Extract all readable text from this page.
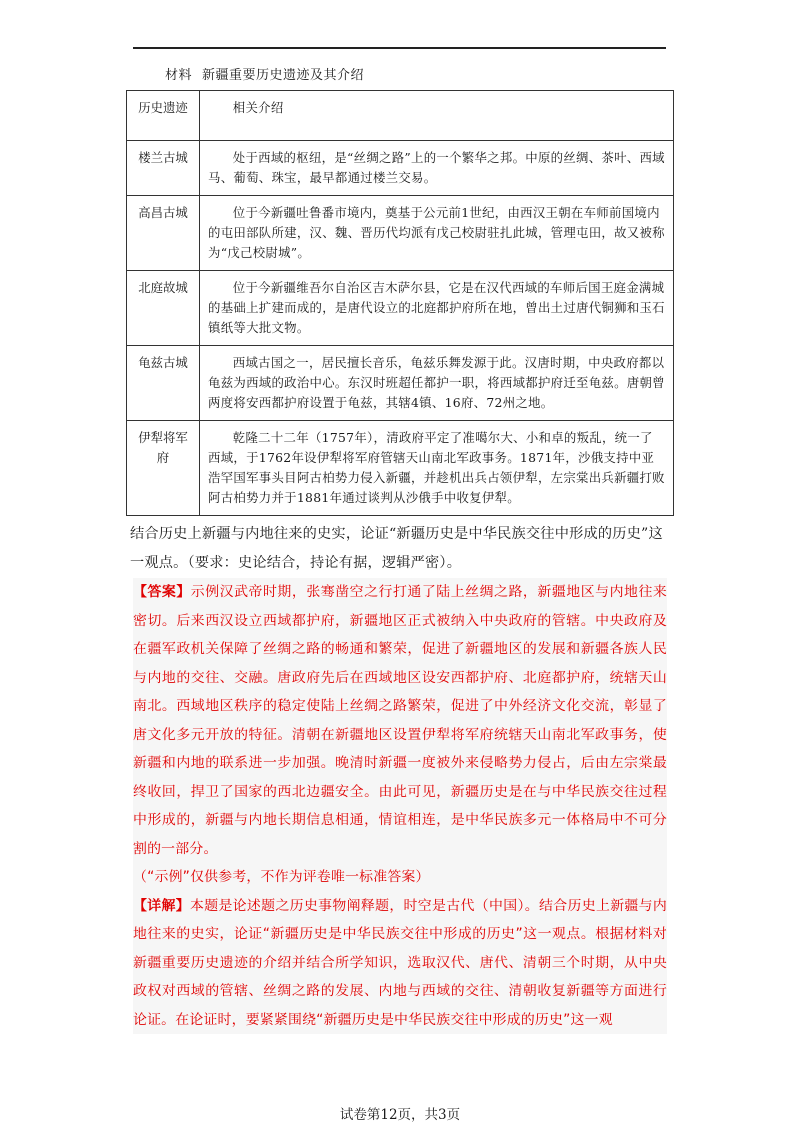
材料 新疆重要历史遗迹及其介绍
历史遗迹	相关介绍
楼兰古城	处于西域的枢纽，是“丝绸之路”上的一个繁华之邦。中原的丝绸、茶叶、西域马、葡萄、珠宝，最早都通过楼兰交易。
高昌古城	位于今新疆吐鲁番市境内，奠基于公元前1世纪，由西汉王朝在车师前国境内的屯田部队所建，汉、魏、晋历代均派有戊己校尉驻扎此城，管理屯田，故又被称为“戊己校尉城”。
北庭故城	位于今新疆维吾尔自治区吉木萨尔县，它是在汉代西域的车师后国王庭金满城的基础上扩建而成的，是唐代设立的北庭都护府所在地，曾出土过唐代铜狮和玉石镇纸等大批文物。
龟兹古城	西域古国之一，居民擅长音乐，龟兹乐舞发源于此。汉唐时期，中央政府都以龟兹为西域的政治中心。东汉时班超任都护一职，将西域都护府迁至龟兹。唐朝曾两度将安西都护府设置于龟兹，其辖4镇、16府、72州之地。
伊犁将军府	乾隆二十二年（1757年），清政府平定了准噶尔大、小和卓的叛乱，统一了西域，于1762年设伊犁将军府管辖天山南北军政事务。1871年，沙俄支持中亚浩罕国军事头目阿古柏势力侵入新疆，并趁机出兵占领伊犁，左宗棠出兵新疆打败阿古柏势力并于1881年通过谈判从沙俄手中收复伊犁。
结合历史上新疆与内地往来的史实，论证“新疆历史是中华民族交往中形成的历史”这一观点。（要求：史论结合，持论有据，逻辑严密）。

【答案】示例汉武帝时期，张骞凿空之行打通了陆上丝绸之路，新疆地区与内地往来密切。后来西汉设立西域都护府，新疆地区正式被纳入中央政府的管辖。中央政府及在疆军政机关保障了丝绸之路的畅通和繁荣，促进了新疆地区的发展和新疆各族人民与内地的交往、交融。唐政府先后在西域地区设安西都护府、北庭都护府，统辖天山南北。西域地区秩序的稳定使陆上丝绸之路繁荣，促进了中外经济文化交流，彰显了唐文化多元开放的特征。清朝在新疆地区设置伊犁将军府统辖天山南北军政事务，使新疆和内地的联系进一步加强。晚清时新疆一度被外来侵略势力侵占，后由左宗棠最终收回，捍卫了国家的西北边疆安全。由此可见，新疆历史是在与中华民族交往过程中形成的，新疆与内地长期信息相通，情谊相连，是中华民族多元一体格局中不可分割的一部分。

（“示例”仅供参考，不作为评卷唯一标准答案）

【详解】本题是论述题之历史事物阐释题，时空是古代（中国）。结合历史上新疆与内地往来的史实，论证“新疆历史是中华民族交往中形成的历史”这一观点。根据材料对新疆重要历史遗迹的介绍并结合所学知识，选取汉代、唐代、清朝三个时期，从中央政权对西域的管辖、丝绸之路的发展、内地与西域的交往、清朝收复新疆等方面进行论证。在论证时，要紧紧围绕“新疆历史是中华民族交往中形成的历史”这一观

试卷第12页，共3页
